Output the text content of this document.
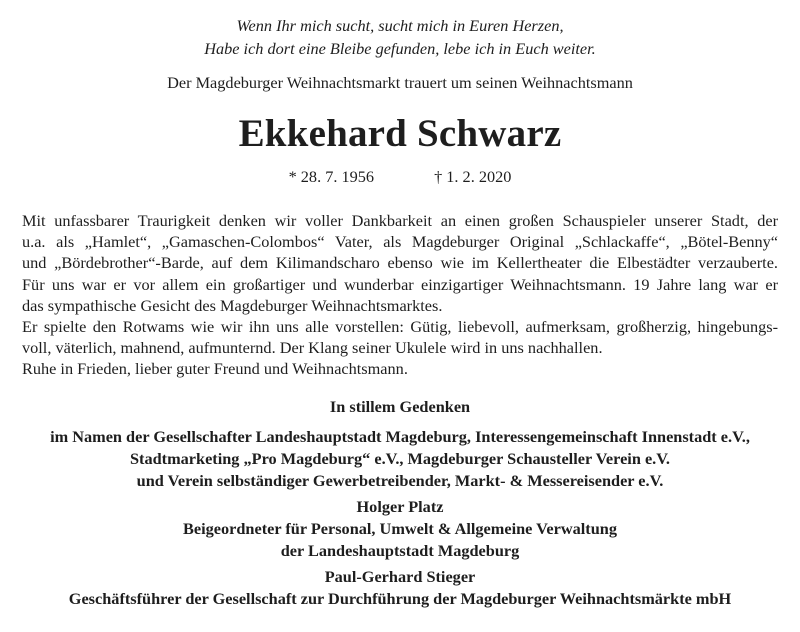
Wenn Ihr mich sucht, sucht mich in Euren Herzen,
Habe ich dort eine Bleibe gefunden, lebe ich in Euch weiter.
Der Magdeburger Weihnachtsmarkt trauert um seinen Weihnachtsmann
Ekkehard Schwarz
* 28. 7. 1956	† 1. 2. 2020
Mit unfassbarer Traurigkeit denken wir voller Dankbarkeit an einen großen Schauspieler unserer Stadt, der
u.a. als „Hamlet“, „Gamaschen-Colombos“ Vater, als Magdeburger Original „Schlackaffe“, „Bötel-Benny“
und „Bördebrother“-Barde, auf dem Kilimandscharo ebenso wie im Kellertheater die Elbestädter verzauberte.
Für uns war er vor allem ein großartiger und wunderbar einzigartiger Weihnachtsmann. 19 Jahre lang war er
das sympathische Gesicht des Magdeburger Weihnachtsmarktes.
Er spielte den Rotwams wie wir ihn uns alle vorstellen: Gütig, liebevoll, aufmerksam, großherzig, hingebungs-
voll, väterlich, mahnend, aufmunternd. Der Klang seiner Ukulele wird in uns nachhallen.
Ruhe in Frieden, lieber guter Freund und Weihnachtsmann.
In stillem Gedenken
im Namen der Gesellschafter Landeshauptstadt Magdeburg, Interessengemeinschaft Innenstadt e.V.,
Stadtmarketing „Pro Magdeburg“ e.V., Magdeburger Schausteller Verein e.V.
und Verein selbständiger Gewerbetreibender, Markt- & Messereisender e.V.
Holger Platz
Beigeordneter für Personal, Umwelt & Allgemeine Verwaltung
der Landeshauptstadt Magdeburg
Paul-Gerhard Stieger
Geschäftsführer der Gesellschaft zur Durchführung der Magdeburger Weihnachtsmärkte mbH
